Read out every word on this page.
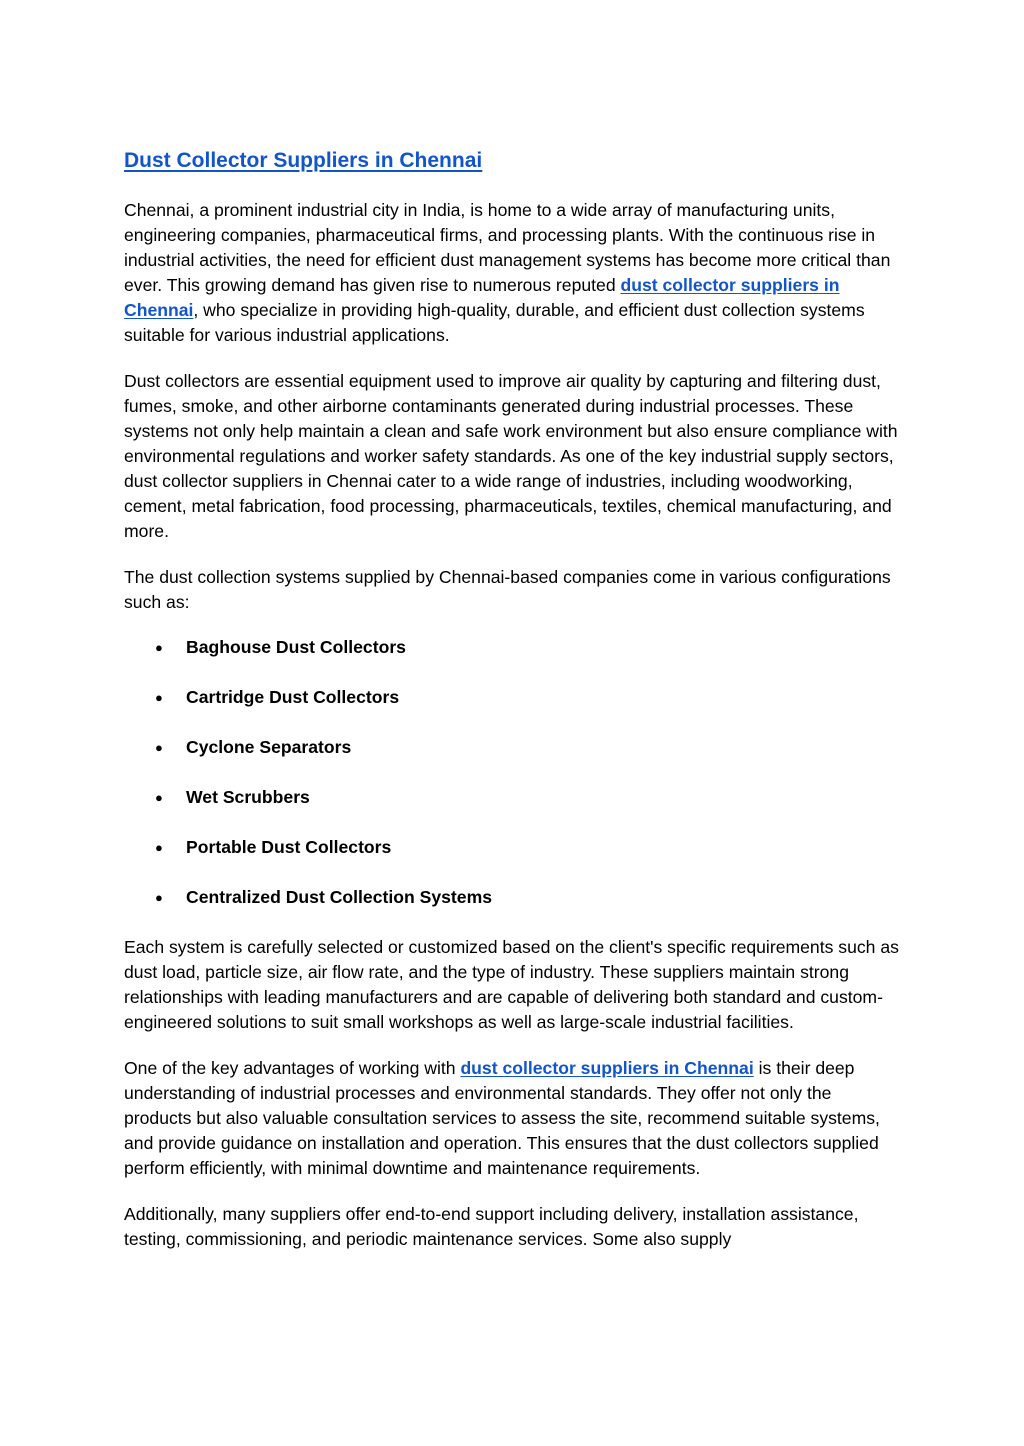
Dust Collector Suppliers in Chennai

Chennai, a prominent industrial city in India, is home to a wide array of manufacturing units, engineering companies, pharmaceutical firms, and processing plants. With the continuous rise in industrial activities, the need for efficient dust management systems has become more critical than ever. This growing demand has given rise to numerous reputed dust collector suppliers in Chennai, who specialize in providing high-quality, durable, and efficient dust collection systems suitable for various industrial applications.

Dust collectors are essential equipment used to improve air quality by capturing and filtering dust, fumes, smoke, and other airborne contaminants generated during industrial processes. These systems not only help maintain a clean and safe work environment but also ensure compliance with environmental regulations and worker safety standards. As one of the key industrial supply sectors, dust collector suppliers in Chennai cater to a wide range of industries, including woodworking, cement, metal fabrication, food processing, pharmaceuticals, textiles, chemical manufacturing, and more.

The dust collection systems supplied by Chennai-based companies come in various configurations such as:

● Baghouse Dust Collectors
● Cartridge Dust Collectors
● Cyclone Separators
● Wet Scrubbers
● Portable Dust Collectors
● Centralized Dust Collection Systems

Each system is carefully selected or customized based on the client's specific requirements such as dust load, particle size, air flow rate, and the type of industry. These suppliers maintain strong relationships with leading manufacturers and are capable of delivering both standard and custom-engineered solutions to suit small workshops as well as large-scale industrial facilities.

One of the key advantages of working with dust collector suppliers in Chennai is their deep understanding of industrial processes and environmental standards. They offer not only the products but also valuable consultation services to assess the site, recommend suitable systems, and provide guidance on installation and operation. This ensures that the dust collectors supplied perform efficiently, with minimal downtime and maintenance requirements.

Additionally, many suppliers offer end-to-end support including delivery, installation assistance, testing, commissioning, and periodic maintenance services. Some also supply
